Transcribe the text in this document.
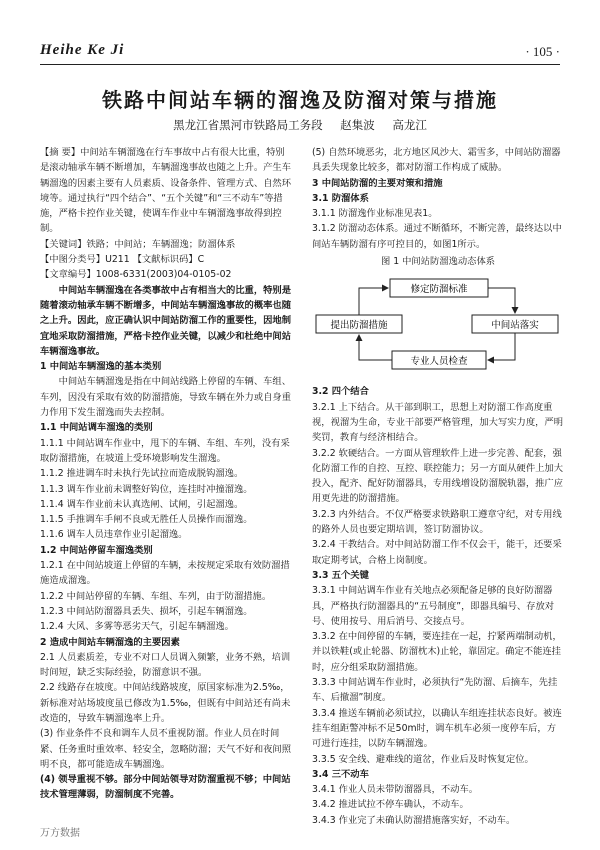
Heihe Ke Ji	· 105 ·
铁路中间站车辆的溜逸及防溜对策与措施
黑龙江省黑河市铁路局工务段 赵集波 高龙江

【摘 要】中间站车辆溜逸在行车事故中占有很大比重，特别是滚动轴承车辆不断增加，车辆溜逸事故也随之上升。产生车辆溜逸的因素主要有人员素质、设备条件、管理方式、自然环境等。通过执行“四个结合”、“五个关键”和“三不动车”等措施，严格卡控作业关键，使调车作业中车辆溜逸事故得到控制。

【关键词】铁路；中间站；车辆溜逸；防溜体系

【中图分类号】U211 【文献标识码】C

【文章编号】1008-6331(2003)04-0105-02

中间站车辆溜逸在各类事故中占有相当大的比重，特别是随着滚动轴承车辆不断增多，中间站车辆溜逸事故的概率也随之上升。因此，应正确认识中间站防溜工作的重要性，因地制宜地采取防溜措施，严格卡控作业关键，以减少和杜绝中间站车辆溜逸事故。

1 中间站车辆溜逸的基本类别

中间站车辆溜逸是指在中间站线路上停留的车辆、车组、车列，因没有采取有效的防溜措施，导致车辆在外力或自身重力作用下发生溜逸而失去控制。

1.1 中间站调车溜逸的类别

1.1.1 中间站调车作业中，甩下的车辆、车组、车列，没有采取防溜措施，在坡道上受环境影响发生溜逸。

1.1.2 推进调车时未执行先试拉而造成脱钩溜逸。

1.1.3 调车作业前未调整好钩位，连挂时冲撞溜逸。

1.1.4 调车作业前未认真选闸、试闸，引起溜逸。

1.1.5 手推调车手闸不良或无胜任人员操作而溜逸。

1.1.6 调车人员违章作业引起溜逸。

1.2 中间站停留车溜逸类别

1.2.1 在中间站坡道上停留的车辆，未按规定采取有效防溜措施造成溜逸。

1.2.2 中间站停留的车辆、车组、车列，由于防溜措施。

1.2.3 中间站防溜器具丢失、损坏，引起车辆溜逸。

1.2.4 大风、多雾等恶劣天气，引起车辆溜逸。

2 造成中间站车辆溜逸的主要因素

2.1 人员素质差，专业不对口人员调入频繁，业务不熟，培训时间短，缺乏实际经验，防溜意识不强。

2.2 线路存在坡度。中间站线路坡度，原国家标准为2.5‰，新标准对站场坡度虽已修改为1.5‰，但既有中间站还有尚未改造的，导致车辆溜逸率上升。

(3) 作业条件不良和调车人员不重视防溜。作业人员在时间紧、任务重时重效率、轻安全，忽略防溜；天气不好和夜间照明不良，都可能造成车辆溜逸。

(4) 领导重视不够。部分中间站领导对防溜重视不够；中间站技术管理薄弱，防溜制度不完善。

(5) 自然环境恶劣，北方地区风沙大、霜雪多，中间站防溜器具丢失现象比较多，都对防溜工作构成了威胁。

3 中间站防溜的主要对策和措施

3.1 防溜体系

3.1.1 防溜逸作业标准见表1。

3.1.2 防溜动态体系。通过不断循环，不断完善，最终达以中间站车辆防溜有序可控目的，如图1所示。

图 1 中间站防溜逸动态体系
修定防溜标准
提出防溜措施	中间站落实
专业人员检查

3.2 四个结合

3.2.1 上下结合。从干部到职工，思想上对防溜工作高度重视，视溜为生命，专业干部要严格管理，加大写实力度，严明奖罚，教育与经济相结合。

3.2.2 软硬结合。一方面从管理软件上进一步完善、配套，强化防溜工作的自控、互控、联控能力；另一方面从硬件上加大投入，配齐、配好防溜器具，专用线增设防溜脱轨器，推广应用更先进的防溜措施。

3.2.3 内外结合。不仅严格要求铁路职工遵章守纪，对专用线的路外人员也要定期培训，签订防溜协议。

3.2.4 干教结合。对中间站防溜工作不仅会干，能干，还要采取定期考试，合格上岗制度。

3.3 五个关键

3.3.1 中间站调车作业有关地点必须配备足够的良好防溜器具，严格执行防溜器具的“五号制度”，即器具编号、存放对号、使用按号、用后消号、交接点号。

3.3.2 在中间停留的车辆，要连挂在一起，拧紧两端制动机，并以铁鞋(或止轮器、防溜枕木)止轮，靠固定。确定不能连挂时，应分组采取防溜措施。

3.3.3 中间站调车作业时，必须执行“先防溜、后摘车，先挂车、后撤溜”制度。

3.3.4 推送车辆前必须试拉，以确认车组连挂状态良好。被连挂车组距警冲标不足50m时，调车机车必须一度停车后，方可进行连挂，以防车辆溜逸。

3.3.5 安全线、避难线的道岔，作业后及时恢复定位。

3.4 三不动车

3.4.1 作业人员未带防溜器具，不动车。

3.4.2 推进试拉不停车确认，不动车。

3.4.3 作业完了未确认防溜措施落实好，不动车。

万方数据
